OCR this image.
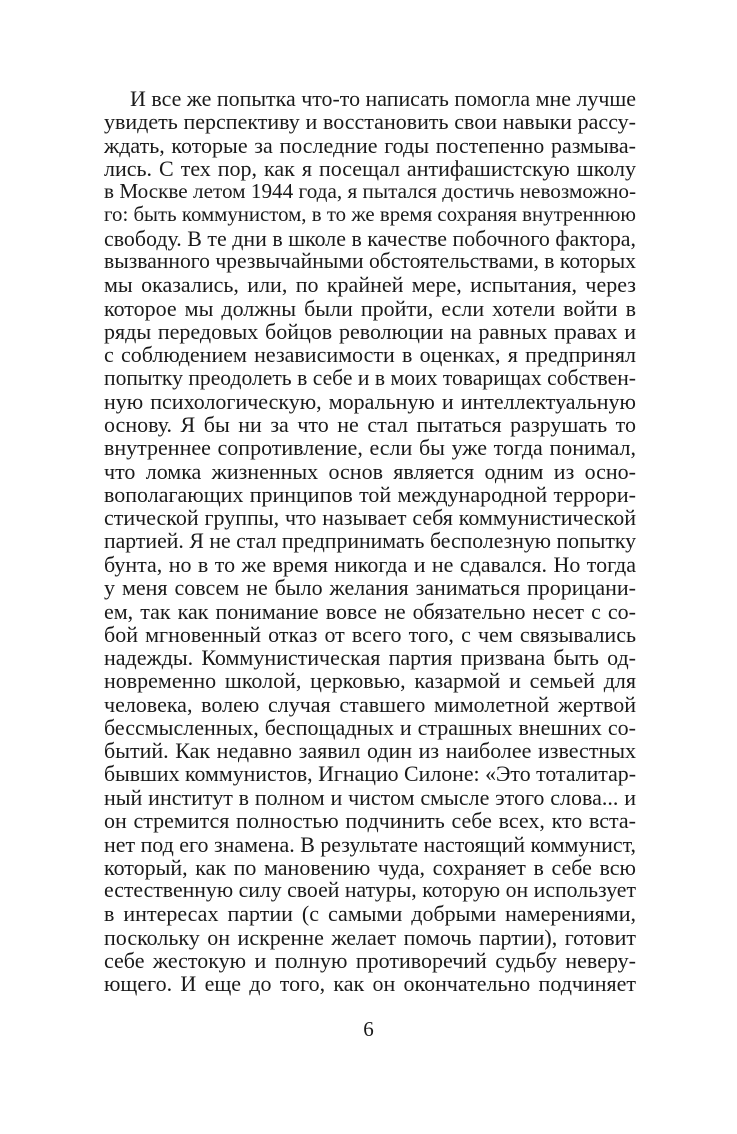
И все же попытка что-то написать помогла мне лучше
увидеть перспективу и восстановить свои навыки рассу-
ждать, которые за последние годы постепенно размыва-
лись. С тех пор, как я посещал антифашистскую школу
в Москве летом 1944 года, я пытался достичь невозможно-
го: быть коммунистом, в то же время сохраняя внутреннюю
свободу. В те дни в школе в качестве побочного фактора,
вызванного чрезвычайными обстоятельствами, в которых
мы оказались, или, по крайней мере, испытания, через
которое мы должны были пройти, если хотели войти в
ряды передовых бойцов революции на равных правах и
с соблюдением независимости в оценках, я предпринял
попытку преодолеть в себе и в моих товарищах собствен-
ную психологическую, моральную и интеллектуальную
основу. Я бы ни за что не стал пытаться разрушать то
внутреннее сопротивление, если бы уже тогда понимал,
что ломка жизненных основ является одним из осно-
вополагающих принципов той международной террори-
стической группы, что называет себя коммунистической
партией. Я не стал предпринимать бесполезную попытку
бунта, но в то же время никогда и не сдавался. Но тогда
у меня совсем не было желания заниматься прорицани-
ем, так как понимание вовсе не обязательно несет с со-
бой мгновенный отказ от всего того, с чем связывались
надежды. Коммунистическая партия призвана быть од-
новременно школой, церковью, казармой и семьей для
человека, волею случая ставшего мимолетной жертвой
бессмысленных, беспощадных и страшных внешних со-
бытий. Как недавно заявил один из наиболее известных
бывших коммунистов, Игнацио Силоне: «Это тоталитар-
ный институт в полном и чистом смысле этого слова... и
он стремится полностью подчинить себе всех, кто вста-
нет под его знамена. В результате настоящий коммунист,
который, как по мановению чуда, сохраняет в себе всю
естественную силу своей натуры, которую он использует
в интересах партии (с самыми добрыми намерениями,
поскольку он искренне желает помочь партии), готовит
себе жестокую и полную противоречий судьбу неверу-
ющего. И еще до того, как он окончательно подчиняет
6
